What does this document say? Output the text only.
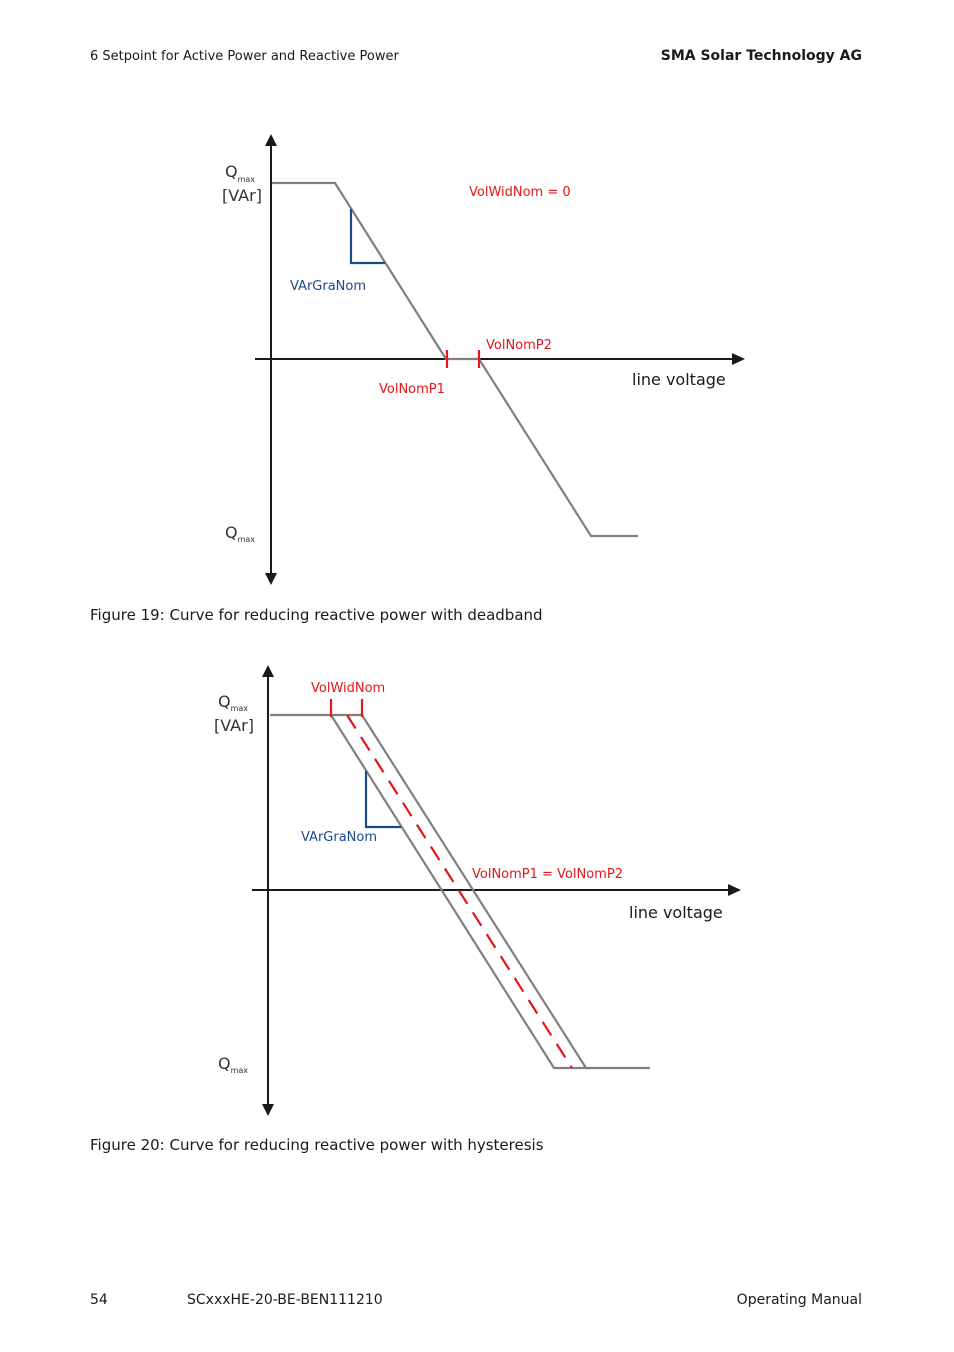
6 Setpoint for Active Power and Reactive Power	SMA Solar Technology AG
$Q_{max}$
[VAr]
$Q_{max}$
line voltage
VArGraNom
VolWidNom = 0
VolNomP1
VolNomP2
Figure 19: Curve for reducing reactive power with deadband
$Q_{max}$
[VAr]
$Q_{max}$
line voltage
VArGraNom
VolWidNom
VolNomP1 = VolNomP2
Figure 20: Curve for reducing reactive power with hysteresis
54	SCxxxHE-20-BE-BEN111210	Operating Manual
